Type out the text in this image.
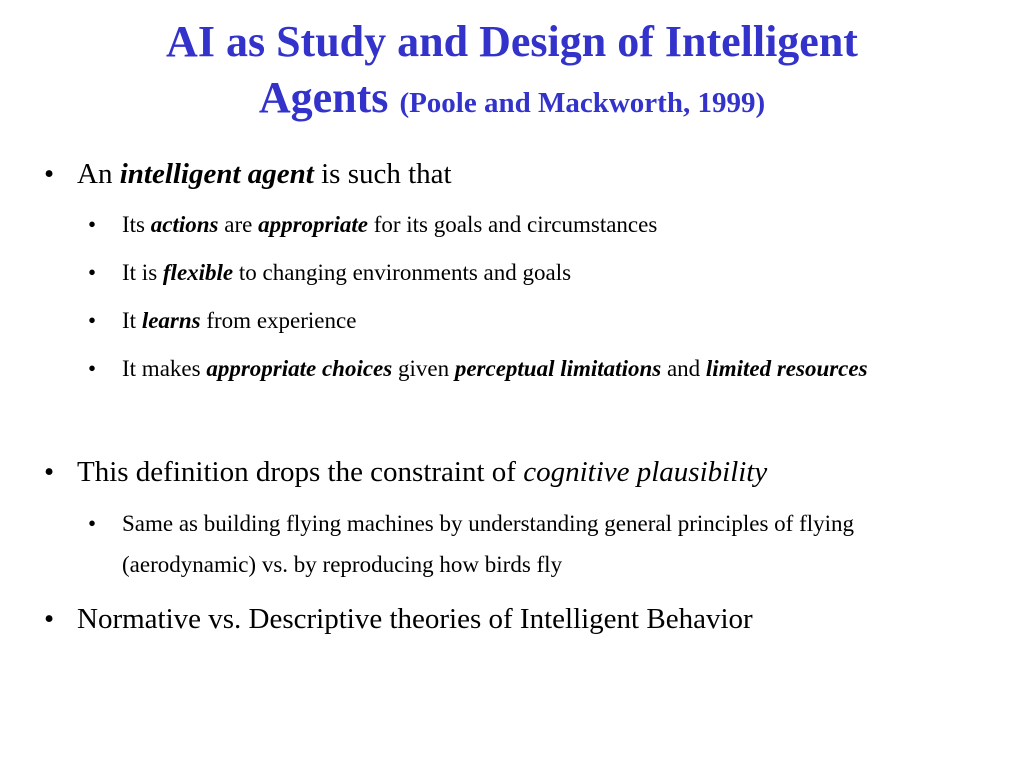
AI as Study and Design of Intelligent
Agents (Poole and Mackworth, 1999)
• An intelligent agent is such that
• Its actions are appropriate for its goals and circumstances
• It is flexible to changing environments and goals
• It learns from experience
• It makes appropriate choices given perceptual limitations and limited resources
• This definition drops the constraint of cognitive plausibility
• Same as building flying machines by understanding general principles of flying (aerodynamic) vs. by reproducing how birds fly
• Normative vs. Descriptive theories of Intelligent Behavior
